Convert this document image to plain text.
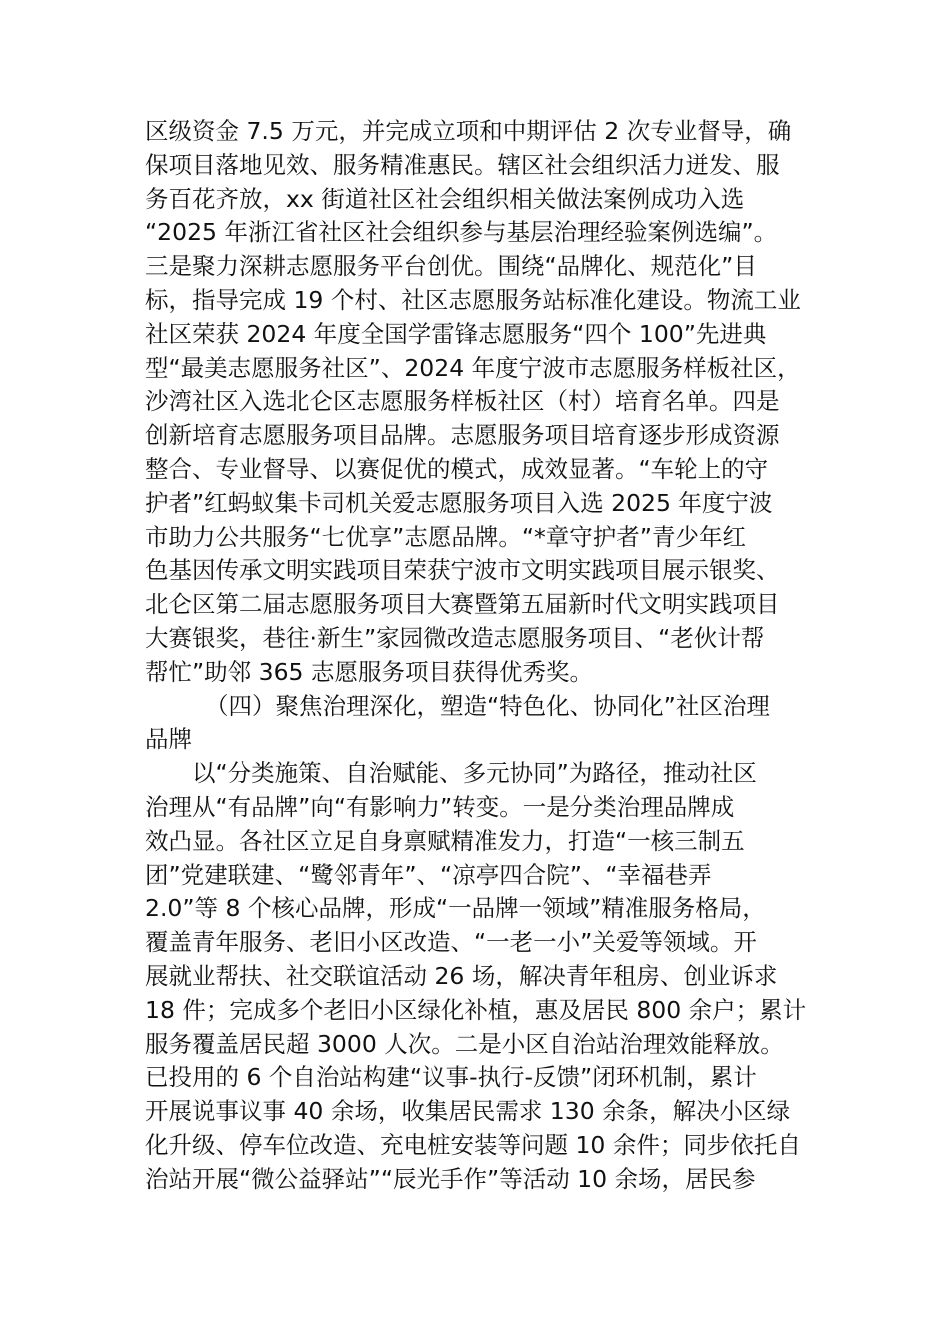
区级资金 7.5 万元，并完成立项和中期评估 2 次专业督导，确
保项目落地见效、服务精准惠民。辖区社会组织活力迸发、服
务百花齐放，xx 街道社区社会组织相关做法案例成功入选
“2025 年浙江省社区社会组织参与基层治理经验案例选编”。
三是聚力深耕志愿服务平台创优。围绕“品牌化、规范化”目
标，指导完成 19 个村、社区志愿服务站标准化建设。物流工业
社区荣获 2024 年度全国学雷锋志愿服务“四个 100”先进典
型“最美志愿服务社区”、2024 年度宁波市志愿服务样板社区，
沙湾社区入选北仑区志愿服务样板社区（村）培育名单。四是
创新培育志愿服务项目品牌。志愿服务项目培育逐步形成资源
整合、专业督导、以赛促优的模式，成效显著。“车轮上的守
护者”红蚂蚁集卡司机关爱志愿服务项目入选 2025 年度宁波
市助力公共服务“七优享”志愿品牌。“*章守护者”青少年红
色基因传承文明实践项目荣获宁波市文明实践项目展示银奖、
北仑区第二届志愿服务项目大赛暨第五届新时代文明实践项目
大赛银奖，巷往·新生”家园微改造志愿服务项目、“老伙计帮
帮忙”助邻 365 志愿服务项目获得优秀奖。
（四）聚焦治理深化，塑造“特色化、协同化”社区治理
品牌
以“分类施策、自治赋能、多元协同”为路径，推动社区
治理从“有品牌”向“有影响力”转变。一是分类治理品牌成
效凸显。各社区立足自身禀赋精准发力，打造“一核三制五
团”党建联建、“鹭邻青年”、“凉亭四合院”、“幸福巷弄
2.0”等 8 个核心品牌，形成“一品牌一领域”精准服务格局，
覆盖青年服务、老旧小区改造、“一老一小”关爱等领域。开
展就业帮扶、社交联谊活动 26 场，解决青年租房、创业诉求
18 件；完成多个老旧小区绿化补植，惠及居民 800 余户；累计
服务覆盖居民超 3000 人次。二是小区自治站治理效能释放。
已投用的 6 个自治站构建“议事-执行-反馈”闭环机制，累计
开展说事议事 40 余场，收集居民需求 130 余条，解决小区绿
化升级、停车位改造、充电桩安装等问题 10 余件；同步依托自
治站开展“微公益驿站”“辰光手作”等活动 10 余场，居民参
